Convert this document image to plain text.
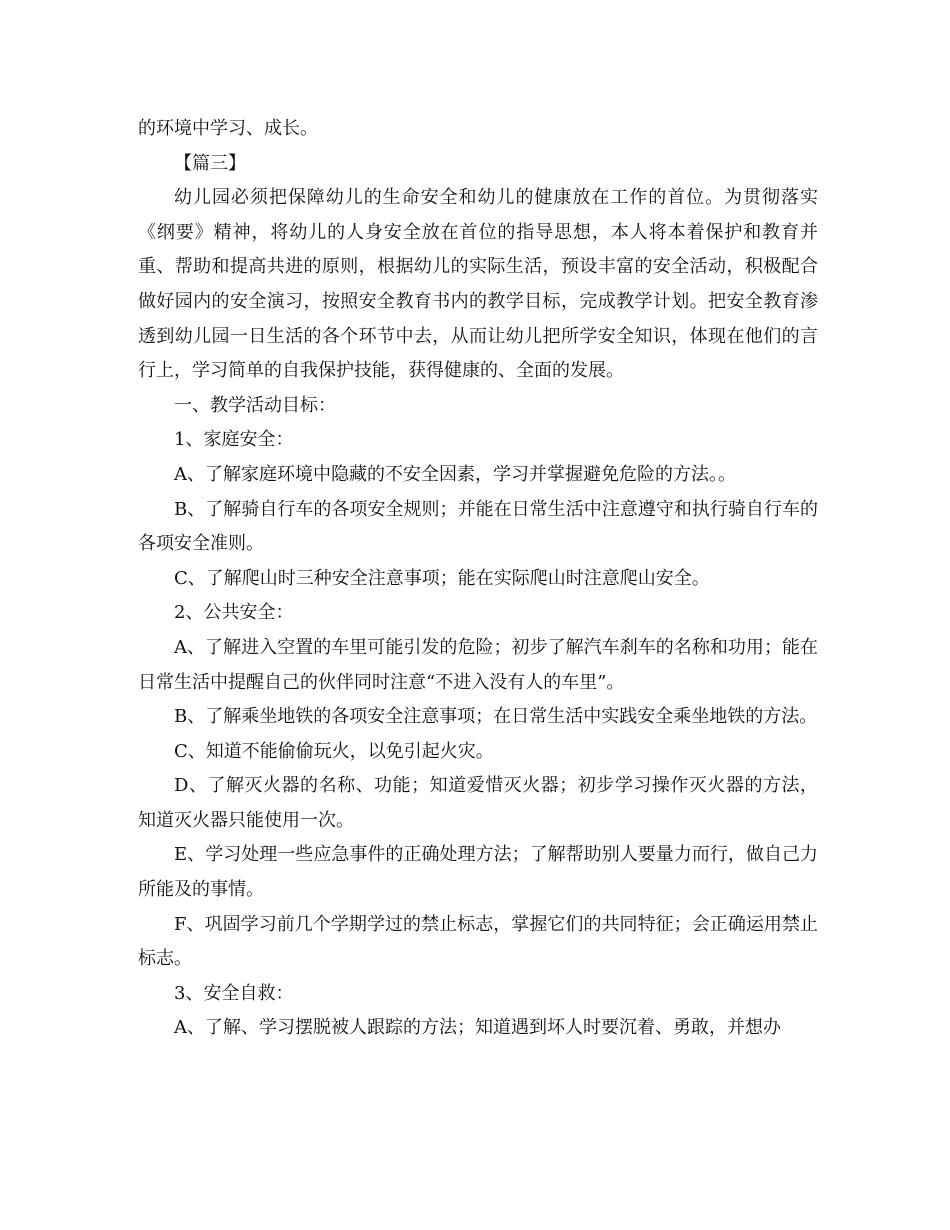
的环境中学习、成长。

【篇三】

幼儿园必须把保障幼儿的生命安全和幼儿的健康放在工作的首位。为贯彻落实《纲要》精神，将幼儿的人身安全放在首位的指导思想，本人将本着保护和教育并重、帮助和提高共进的原则，根据幼儿的实际生活，预设丰富的安全活动，积极配合做好园内的安全演习，按照安全教育书内的教学目标，完成教学计划。把安全教育渗透到幼儿园一日生活的各个环节中去，从而让幼儿把所学安全知识，体现在他们的言行上，学习简单的自我保护技能，获得健康的、全面的发展。

一、教学活动目标：

1、家庭安全：

A、了解家庭环境中隐藏的不安全因素，学习并掌握避免危险的方法。。

B、了解骑自行车的各项安全规则；并能在日常生活中注意遵守和执行骑自行车的各项安全准则。

C、了解爬山时三种安全注意事项；能在实际爬山时注意爬山安全。

2、公共安全：

A、了解进入空置的车里可能引发的危险；初步了解汽车刹车的名称和功用；能在日常生活中提醒自己的伙伴同时注意“不进入没有人的车里”。

B、了解乘坐地铁的各项安全注意事项；在日常生活中实践安全乘坐地铁的方法。

C、知道不能偷偷玩火，以免引起火灾。

D、了解灭火器的名称、功能；知道爱惜灭火器；初步学习操作灭火器的方法，知道灭火器只能使用一次。

E、学习处理一些应急事件的正确处理方法；了解帮助别人要量力而行，做自己力所能及的事情。

F、巩固学习前几个学期学过的禁止标志，掌握它们的共同特征；会正确运用禁止标志。

3、安全自救：

A、了解、学习摆脱被人跟踪的方法；知道遇到坏人时要沉着、勇敢，并想办
